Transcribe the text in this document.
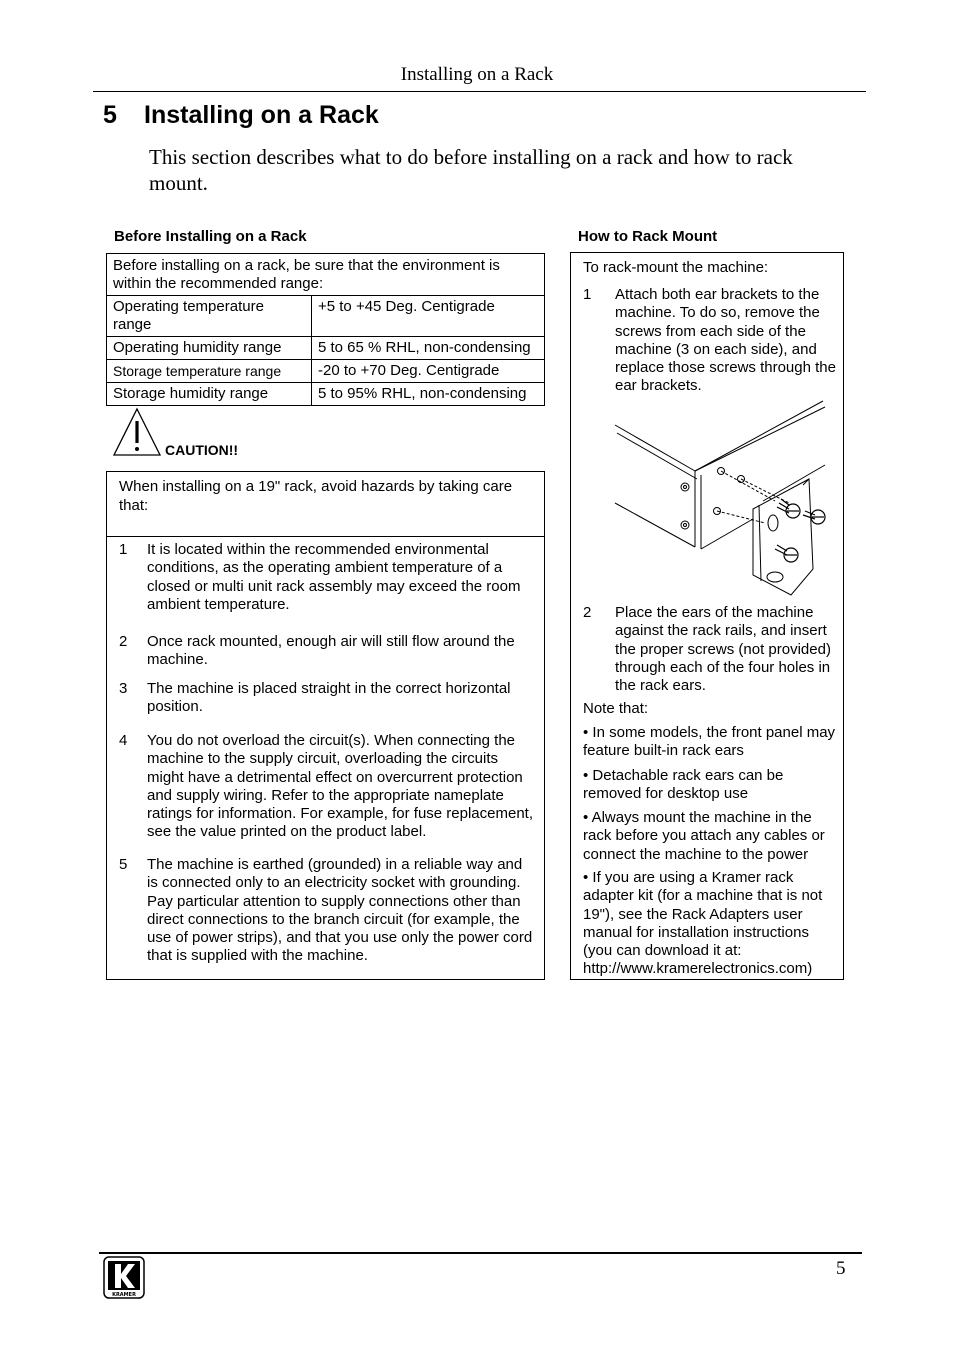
Installing on a Rack
5 Installing on a Rack
This section describes what to do before installing on a rack and how to rack mount.
Before Installing on a Rack
Before installing on a rack, be sure that the environment is within the recommended range:	
Operating temperature range	+5 to +45 Deg. Centigrade
Operating humidity range	5 to 65 % RHL, non-condensing
Storage temperature range	-20 to +70 Deg. Centigrade
Storage humidity range	5 to 95% RHL, non-condensing
CAUTION!!
When installing on a 19" rack, avoid hazards by taking care that:
1	It is located within the recommended environmental conditions, as the operating ambient temperature of a closed or multi unit rack assembly may exceed the room ambient temperature.
2	Once rack mounted, enough air will still flow around the machine.
3	The machine is placed straight in the correct horizontal position.
4	You do not overload the circuit(s). When connecting the machine to the supply circuit, overloading the circuits might have a detrimental effect on overcurrent protection and supply wiring. Refer to the appropriate nameplate ratings for information. For example, for fuse replacement, see the value printed on the product label.
5	The machine is earthed (grounded) in a reliable way and is connected only to an electricity socket with grounding. Pay particular attention to supply connections other than direct connections to the branch circuit (for example, the use of power strips), and that you use only the power cord that is supplied with the machine.
How to Rack Mount
To rack-mount the machine:
1 Attach both ear brackets to the machine. To do so, remove the screws from each side of the machine (3 on each side), and replace those screws through the ear brackets.
2 Place the ears of the machine against the rack rails, and insert the proper screws (not provided) through each of the four holes in the rack ears.
Note that:
• In some models, the front panel may feature built-in rack ears
• Detachable rack ears can be removed for desktop use
• Always mount the machine in the rack before you attach any cables or connect the machine to the power
• If you are using a Kramer rack adapter kit (for a machine that is not 19"), see the Rack Adapters user manual for installation instructions (you can download it at: http://www.kramerelectronics.com)
KRAMER
5
